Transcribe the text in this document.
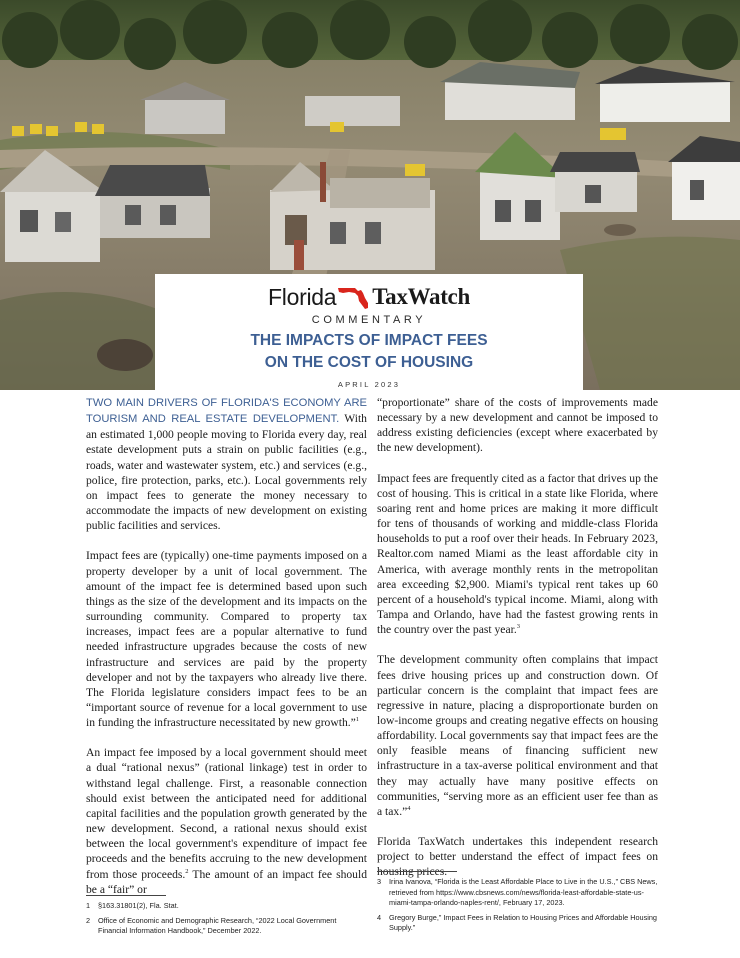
Florida TaxWatch
COMMENTARY
THE IMPACTS OF IMPACT FEES
ON THE COST OF HOUSING
APRIL 2023

TWO MAIN DRIVERS OF FLORIDA'S ECONOMY ARE TOURISM AND REAL ESTATE DEVELOPMENT. With an estimated 1,000 people moving to Florida every day, real estate development puts a strain on public facilities (e.g., roads, water and wastewater system, etc.) and services (e.g., police, fire protection, parks, etc.). Local governments rely on impact fees to generate the money necessary to accommodate the impacts of new development on existing public facilities and services.

Impact fees are (typically) one-time payments imposed on a property developer by a unit of local government. The amount of the impact fee is determined based upon such things as the size of the development and its impacts on the surrounding community. Compared to property tax increases, impact fees are a popular alternative to fund needed infrastructure upgrades because the costs of new infrastructure and services are paid by the property developer and not by the taxpayers who already live there. The Florida legislature considers impact fees to be an “important source of revenue for a local government to use in funding the infrastructure necessitated by new growth.”$^1$

An impact fee imposed by a local government should meet a dual “rational nexus” (rational linkage) test in order to withstand legal challenge. First, a reasonable connection should exist between the anticipated need for additional capital facilities and the population growth generated by the new development. Second, a rational nexus should exist between the local government's expenditure of impact fee proceeds and the benefits accruing to the new development from those proceeds.$^2$ The amount of an impact fee should be a “fair” or

“proportionate” share of the costs of improvements made necessary by a new development and cannot be imposed to address existing deficiencies (except where exacerbated by the new development).

Impact fees are frequently cited as a factor that drives up the cost of housing. This is critical in a state like Florida, where soaring rent and home prices are making it more difficult for tens of thousands of working and middle-class Florida households to put a roof over their heads. In February 2023, Realtor.com named Miami as the least affordable city in America, with average monthly rents in the metropolitan area exceeding $2,900. Miami's typical rent takes up 60 percent of a household's typical income. Miami, along with Tampa and Orlando, have had the fastest growing rents in the country over the past year.$^3$

The development community often complains that impact fees drive housing prices up and construction down. Of particular concern is the complaint that impact fees are regressive in nature, placing a disproportionate burden on low-income groups and creating negative effects on housing affordability. Local governments say that impact fees are the only feasible means of financing sufficient new infrastructure in a tax-averse political environment and that they may actually have many positive effects on communities, “serving more as an efficient user fee than as a tax.”$^4$

Florida TaxWatch undertakes this independent research project to better understand the effect of impact fees on housing prices.

1	§163.31801(2), Fla. Stat.
2	Office of Economic and Demographic Research, “2022 Local Government Financial Information Handbook,” December 2022.
3	Irina Ivanova, “Florida is the Least Affordable Place to Live in the U.S.,” CBS News, retrieved from https://www.cbsnews.com/news/florida-least-affordable-state-us-miami-tampa-orlando-naples-rent/, February 17, 2023.
4	Gregory Burge,” Impact Fees in Relation to Housing Prices and Affordable Housing Supply.”
